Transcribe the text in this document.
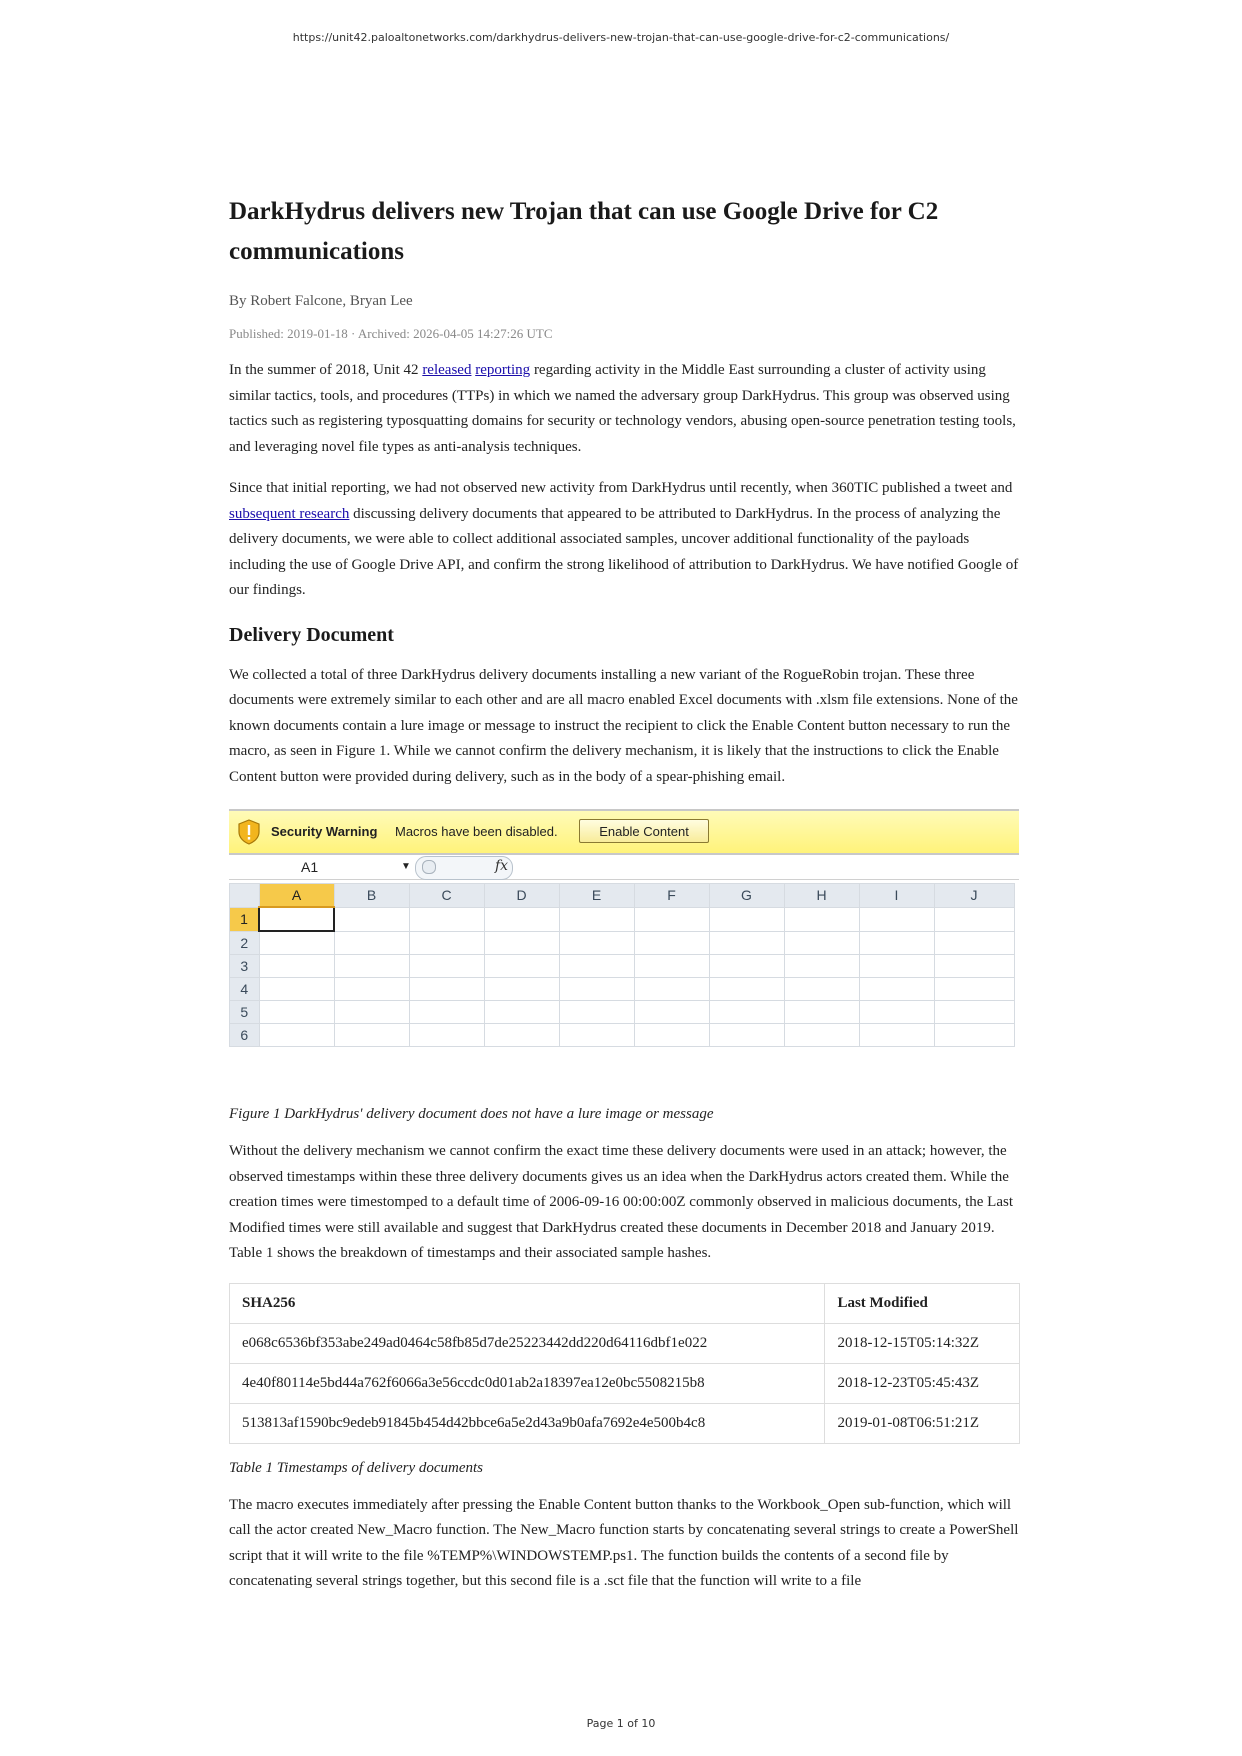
https://unit42.paloaltonetworks.com/darkhydrus-delivers-new-trojan-that-can-use-google-drive-for-c2-communications/
DarkHydrus delivers new Trojan that can use Google Drive for C2 communications
By Robert Falcone, Bryan Lee
Published: 2019-01-18 · Archived: 2026-04-05 14:27:26 UTC

In the summer of 2018, Unit 42 released reporting regarding activity in the Middle East surrounding a cluster of activity using similar tactics, tools, and procedures (TTPs) in which we named the adversary group DarkHydrus. This group was observed using tactics such as registering typosquatting domains for security or technology vendors, abusing open-source penetration testing tools, and leveraging novel file types as anti-analysis techniques.

Since that initial reporting, we had not observed new activity from DarkHydrus until recently, when 360TIC published a tweet and subsequent research discussing delivery documents that appeared to be attributed to DarkHydrus. In the process of analyzing the delivery documents, we were able to collect additional associated samples, uncover additional functionality of the payloads including the use of Google Drive API, and confirm the strong likelihood of attribution to DarkHydrus. We have notified Google of our findings.

Delivery Document

We collected a total of three DarkHydrus delivery documents installing a new variant of the RogueRobin trojan. These three documents were extremely similar to each other and are all macro enabled Excel documents with .xlsm file extensions. None of the known documents contain a lure image or message to instruct the recipient to click the Enable Content button necessary to run the macro, as seen in Figure 1. While we cannot confirm the delivery mechanism, it is likely that the instructions to click the Enable Content button were provided during delivery, such as in the body of a spear-phishing email.

Security Warning Macros have been disabled.	Enable Content
A1	▼	fx
	A	B	C	D	E	F	G	H	I	J
1										
2										
3										
4										
5										
6										

Figure 1 DarkHydrus' delivery document does not have a lure image or message

Without the delivery mechanism we cannot confirm the exact time these delivery documents were used in an attack; however, the observed timestamps within these three delivery documents gives us an idea when the DarkHydrus actors created them. While the creation times were timestomped to a default time of 2006-09-16 00:00:00Z commonly observed in malicious documents, the Last Modified times were still available and suggest that DarkHydrus created these documents in December 2018 and January 2019. Table 1 shows the breakdown of timestamps and their associated sample hashes.

SHA256	Last Modified
e068c6536bf353abe249ad0464c58fb85d7de25223442dd220d64116dbf1e022	2018-12-15T05:14:32Z
4e40f80114e5bd44a762f6066a3e56ccdc0d01ab2a18397ea12e0bc5508215b8	2018-12-23T05:45:43Z
513813af1590bc9edeb91845b454d42bbce6a5e2d43a9b0afa7692e4e500b4c8	2019-01-08T06:51:21Z

Table 1 Timestamps of delivery documents

The macro executes immediately after pressing the Enable Content button thanks to the Workbook_Open sub-function, which will call the actor created New_Macro function. The New_Macro function starts by concatenating several strings to create a PowerShell script that it will write to the file %TEMP%\WINDOWSTEMP.ps1. The function builds the contents of a second file by concatenating several strings together, but this second file is a .sct file that the function will write to a file

Page 1 of 10
